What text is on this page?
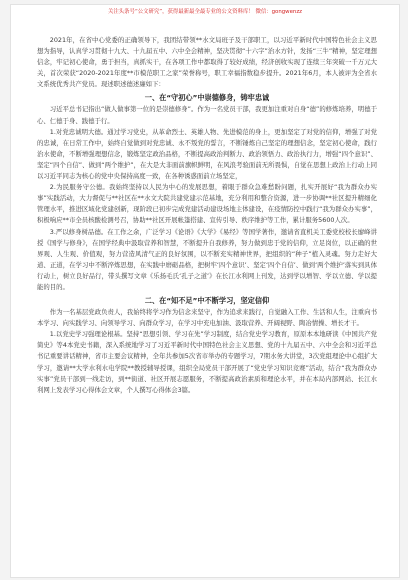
关注头条号“公文研究”，获得最新最全最专业的公文资料库！ 微信：gongwenzz

2021年，在省中心党委的正确领导下，我团结带领**水文局班子及干部职工，以习近平新时代中国特色社会主义思想为指导，认真学习贯彻十九大、十九届五中、六中全会精神，坚决贯彻“十六字”治水方针，发扬“三牛”精神，坚定理想信念，牢记初心使命，勇于担当，真抓实干，在各项工作中都取得了较好成绩，经济创收实现了连续三年突破一千万元大关，首次荣获“2020-2021年度**市模范职工之家”荣誉称号，职工幸福指数稳步提升。2021年6月，本人被评为全省水文系统优秀共产党员。现述职述德述廉如下：

一、在“守初心”中崇德修身，铸牢忠诚

习近平总书记指出“做人做事第一位的是崇德修身”。作为一名党员干部，我更加注重对自身“德”的修炼培养，明德于心、仁德于身、践德于行。

1.对党忠诚明大德。通过学习党史，从革命烈士、英雄人物、先进模范的身上，更加坚定了对党的信仰，增强了对党的忠诚，在日常工作中，始终自觉做到对党忠诚、永不叛党的誓言，不断锤炼自己坚定的理想信念，坚定初心使命，践行治水使命，不断增强理想信念，锻炼坚定政治品格，不断提高政治判断力、政治领悟力、政治执行力，增强“四个意识”、坚定“四个自信”、做到“两个维护”，在大是大非面前旗帜鲜明，在风浪考验面前无所畏惧，自觉在思想上政治上行动上同以习近平同志为核心的党中央保持高度一致，在各种诱惑面前立场坚定，

2.为民服务守公德。我始终坚持以人民为中心的发展思想，着眼于群众急难愁盼问题，扎实开展好“我为群众办实事”实践活动，大力督促与**社区在**水文大院共建党建示范基地，充分利用和整合资源，进一步协调**社区提升精细化管理水平，推进区域化党建创新，现阶段已初步完成党建活动建设场地主体建设，在疫情防控中践行“我为群众办实事”，积极响应**市全员核酸检测号召，协助**社区开展帐篷搭建、宣传引导、秩序维护等工作，累计服务5600人次。

3.严以修身树品德。在工作之余，广泛学习《论语》《大学》《易经》等国学著作，邀请省直机关工委党校校长廖峰讲授《国学与修身》，在国学经典中汲取营养和智慧，不断提升自我修养，努力做到忠于党的信仰，立足岗位，以正确的世界观、人生观、价值观，努力营造风清气正的良好氛围，以不断充实精神世界，把组织的“种子”植入灵魂。努力走好大道、正道，在学习中不断淬炼思想，在实践中磨砺品格，把树牢‘四个意识’、坚定‘四个自信’、做到‘两个维护’落实到具体行动上，树立良好品行，带头撰写文章《乐扬毛氏‘孔子之道’》在长江水利网上刊发，达到学以增智、学以立德、学以提能的目的。

二、在“知不足”中不断学习，坚定信仰

作为一名基层党政负责人，我始终将学习作为信念来坚守，作为追求来践行，自觉融入工作、生活和人生，注重向书本学习、向实践学习、向领导学习、向群众学习，在学习中充电加油、汲取营养、开阔视野、陶冶情操、增长才干。

1.以党史学习强理论根基。坚持“思想引领、学习在先”学习制度，结合党史学习教育，原原本本地研读《中国共产党简史》等4本党史书籍，深入系统地学习了习近平新时代中国特色社会主义思想、党的十九届五中、六中全会和习近平总书记重要讲话精神，省市主要会议精神，全年共参加5次省市举办的专题学习，7期水务大讲堂，3次党组理论中心组扩大学习，邀请**大学水利水电学院**教授辅导授课，组织全局党员干部开展了“党史学习知识竞赛”活动，结合“我为群众办实事”党员干部到一线走访，到**街道、社区开展志愿服务，不断提高政治素质和理论水平，并在本局内部网站、长江水利网上发表学习心得体会文章，个人撰写心得体会3篇。
